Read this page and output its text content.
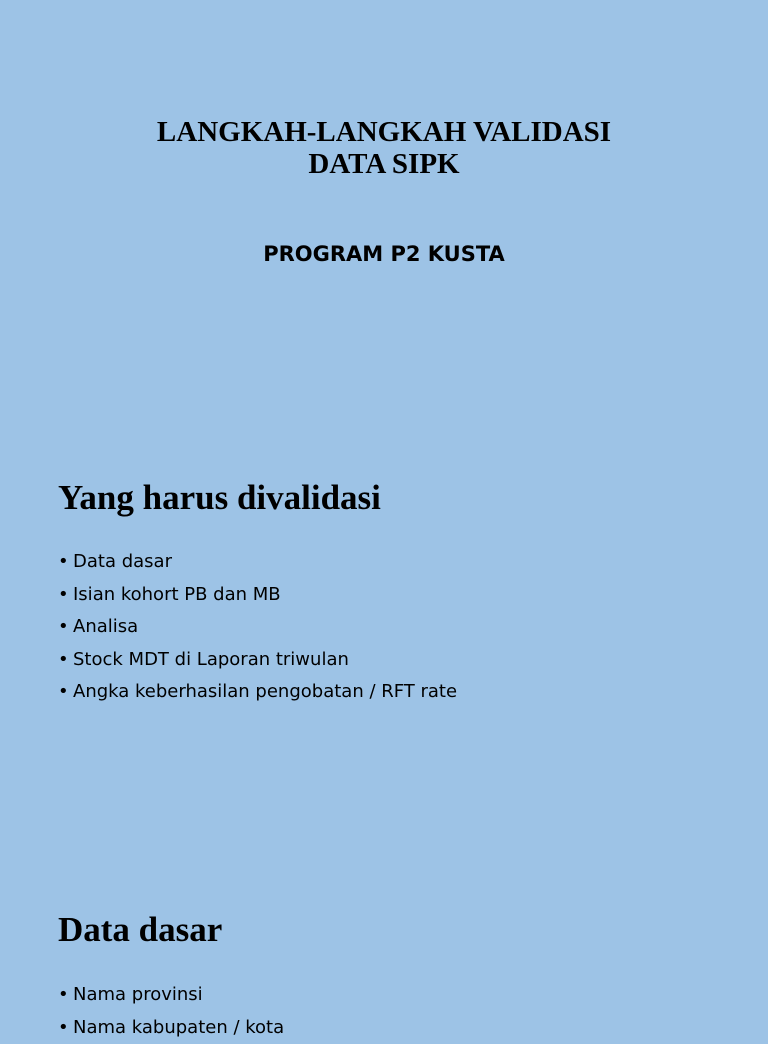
LANGKAH-LANGKAH VALIDASI
DATA SIPK
PROGRAM P2 KUSTA
Yang harus divalidasi
• Data dasar
• Isian kohort PB dan MB
• Analisa
• Stock MDT di Laporan triwulan
• Angka keberhasilan pengobatan / RFT rate
Data dasar
• Nama provinsi
• Nama kabupaten / kota
